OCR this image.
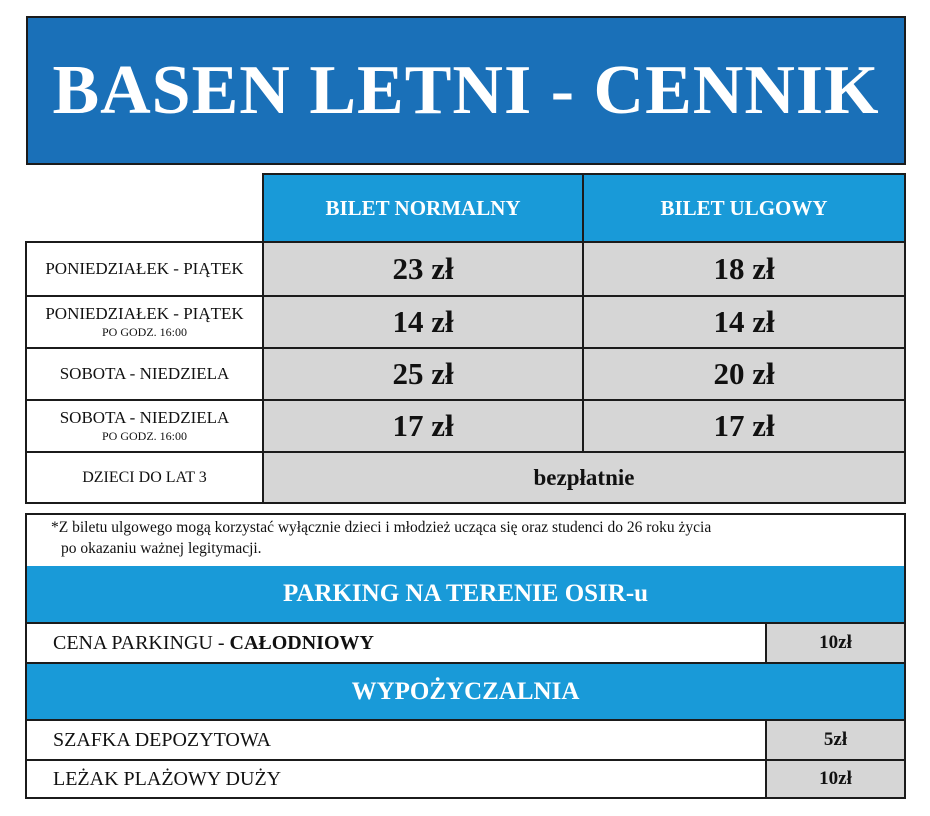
BASEN LETNI - CENNIK
BILET NORMALNY	BILET ULGOWY
PONIEDZIAŁEK - PIĄTEK	23 zł	18 zł
PONIEDZIAŁEK - PIĄTEK
PO GODZ. 16:00	14 zł	14 zł
SOBOTA - NIEDZIELA	25 zł	20 zł
SOBOTA - NIEDZIELA
PO GODZ. 16:00	17 zł	17 zł
DZIECI DO LAT 3	bezpłatnie
*Z biletu ulgowego mogą korzystać wyłącznie dzieci i młodzież ucząca się oraz studenci do 26 roku życia
po okazaniu ważnej legitymacji.
PARKING NA TERENIE OSIR-u
CENA PARKINGU - CAŁODNIOWY	10zł
WYPOŻYCZALNIA
SZAFKA DEPOZYTOWA	5zł
LEŻAK PLAŻOWY DUŻY	10zł
